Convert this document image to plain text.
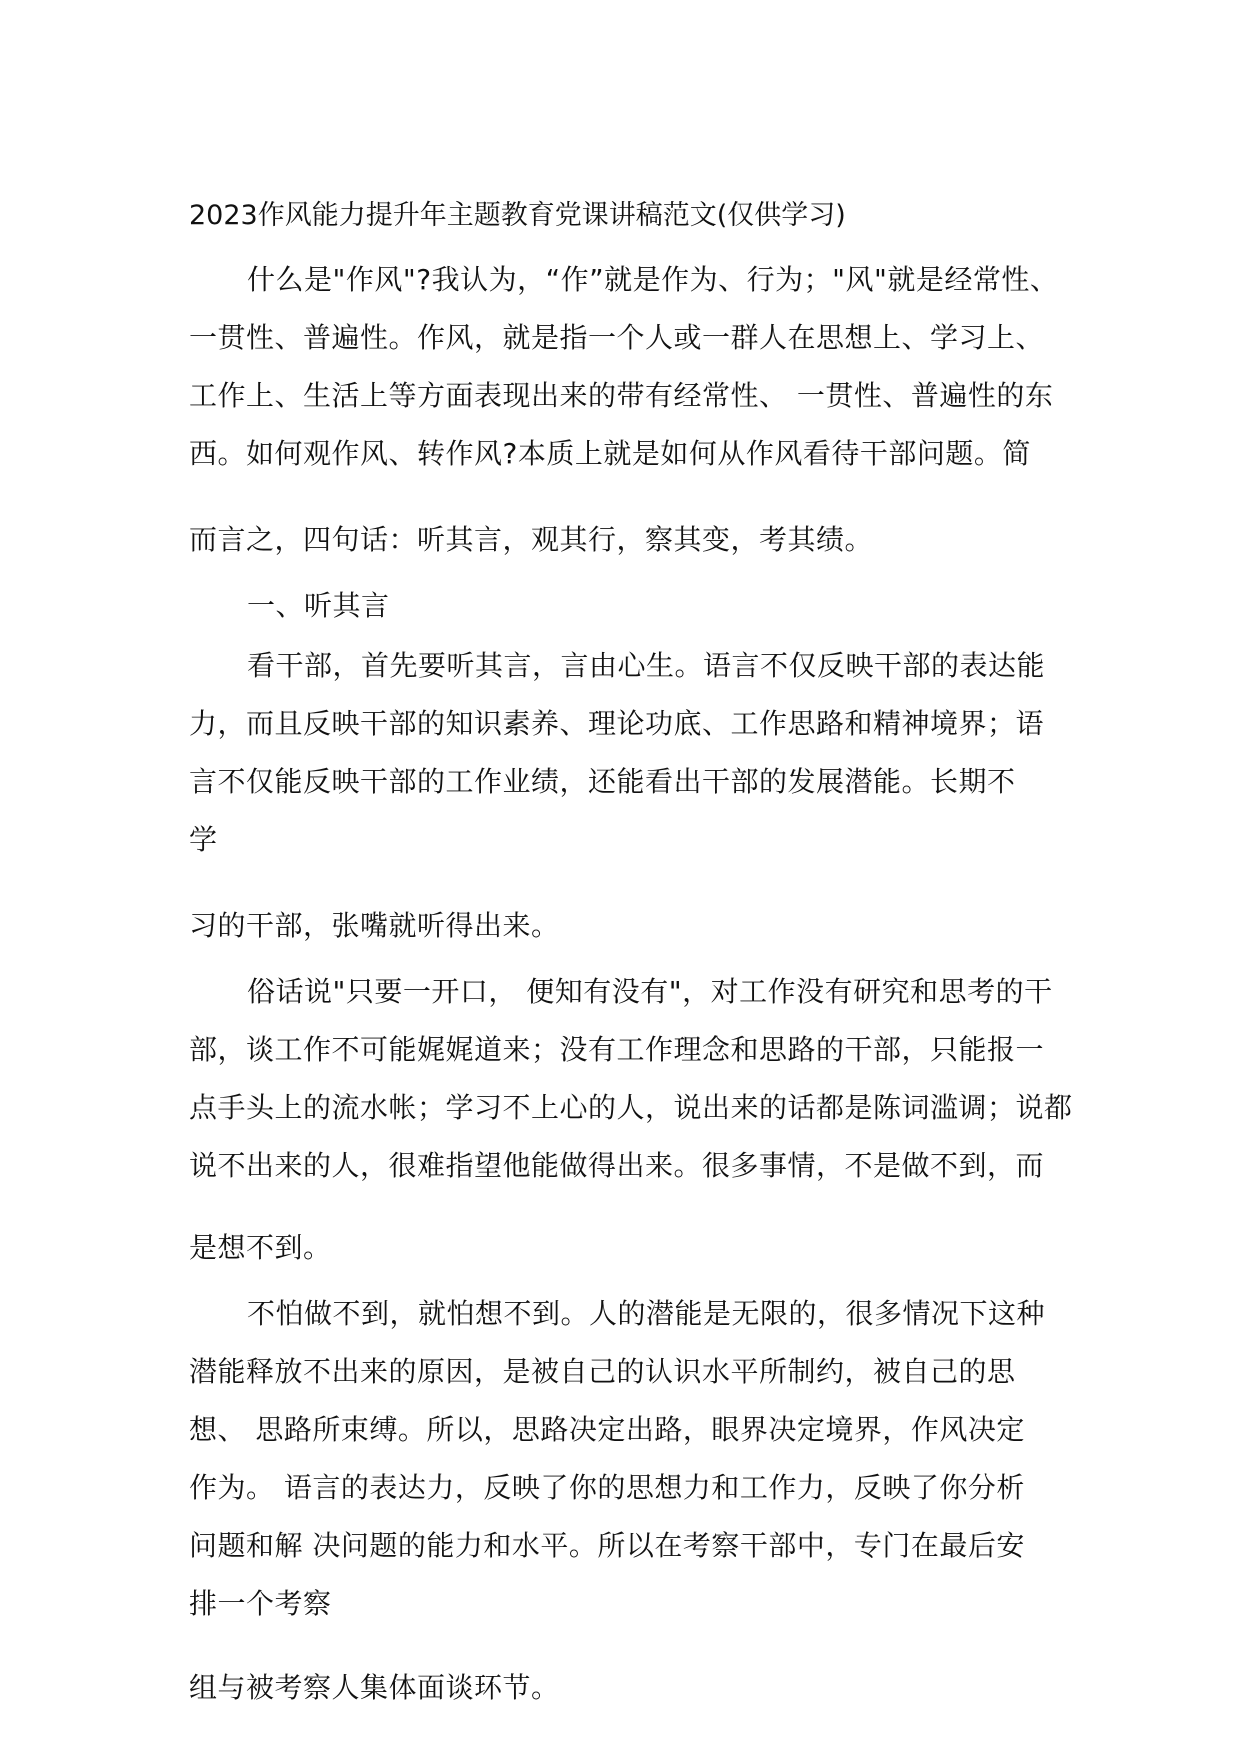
2023作风能力提升年主题教育党课讲稿范文(仅供学习)

什么是"作风"?我认为，“作”就是作为、行为；"风"就是经常性、

一贯性、普遍性。作风，就是指一个人或一群人在思想上、学习上、

工作上、生活上等方面表现出来的带有经常性、 一贯性、普遍性的东

西。如何观作风、转作风?本质上就是如何从作风看待干部问题。简

而言之，四句话：听其言，观其行，察其变，考其绩。

一、听其言

看干部，首先要听其言，言由心生。语言不仅反映干部的表达能

力，而且反映干部的知识素养、理论功底、工作思路和精神境界；语

言不仅能反映干部的工作业绩，还能看出干部的发展潜能。长期不

学

习的干部，张嘴就听得出来。

俗话说"只要一开口， 便知有没有"，对工作没有研究和思考的干

部，谈工作不可能娓娓道来；没有工作理念和思路的干部，只能报一

点手头上的流水帐；学习不上心的人，说出来的话都是陈词滥调；说都

说不出来的人，很难指望他能做得出来。很多事情，不是做不到，而

是想不到。

不怕做不到，就怕想不到。人的潜能是无限的，很多情况下这种

潜能释放不出来的原因，是被自己的认识水平所制约，被自己的思

想、 思路所束缚。所以，思路决定出路，眼界决定境界，作风决定

作为。 语言的表达力，反映了你的思想力和工作力，反映了你分析

问题和解 决问题的能力和水平。所以在考察干部中，专门在最后安

排一个考察

组与被考察人集体面谈环节。
